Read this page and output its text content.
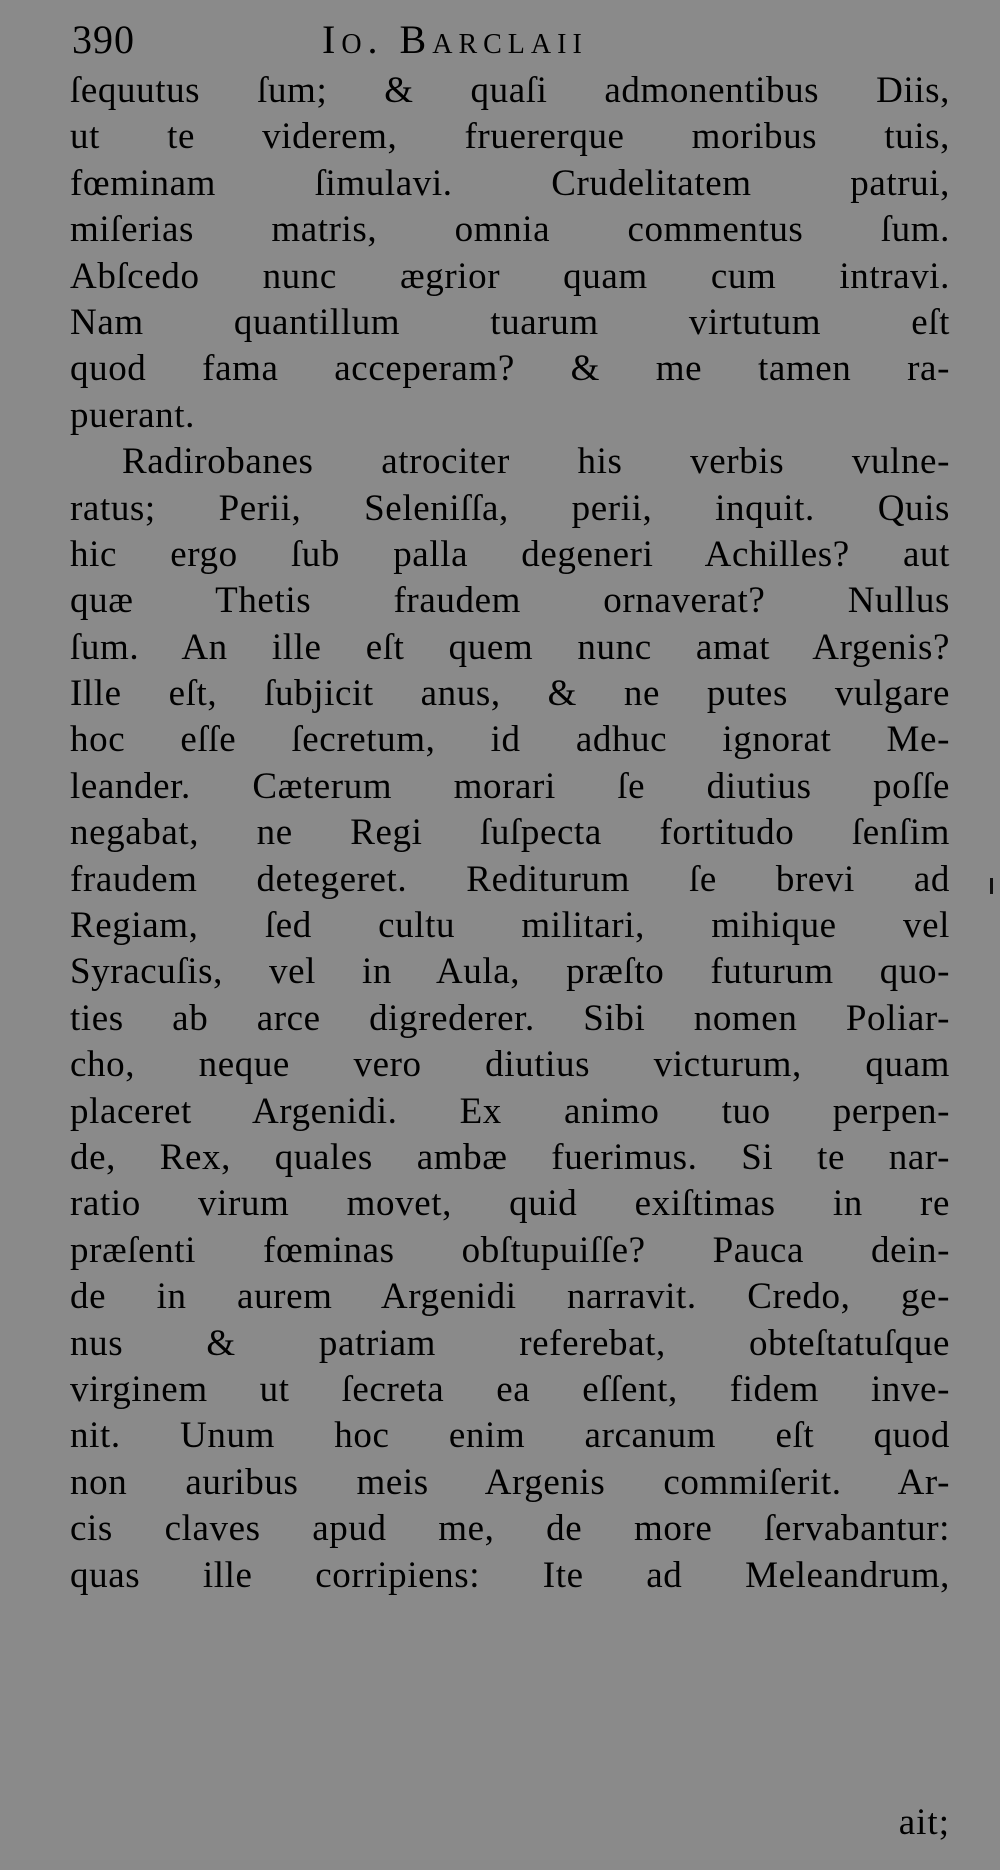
390	Io. Barclaii
ſequutus ſum; & quaſi admonentibus Diis,
ut te viderem, fruererque moribus tuis,
fœminam ſimulavi. Crudelitatem patrui,
miſerias matris, omnia commentus ſum.
Abſcedo nunc ægrior quam cum intravi.
Nam quantillum tuarum virtutum eſt
quod fama acceperam? & me tamen ra-
puerant.
Radirobanes atrociter his verbis vulne-
ratus; Perii, Seleniſſa, perii, inquit. Quis
hic ergo ſub palla degeneri Achilles? aut
quæ Thetis fraudem ornaverat? Nullus
ſum. An ille eſt quem nunc amat Argenis?
Ille eſt, ſubjicit anus, & ne putes vulgare
hoc eſſe ſecretum, id adhuc ignorat Me-
leander. Cæterum morari ſe diutius poſſe
negabat, ne Regi ſuſpecta fortitudo ſenſim
fraudem detegeret. Rediturum ſe brevi ad
Regiam, ſed cultu militari, mihique vel
Syracuſis, vel in Aula, præſto futurum quo-
ties ab arce digrederer. Sibi nomen Poliar-
cho, neque vero diutius victurum, quam
placeret Argenidi. Ex animo tuo perpen-
de, Rex, quales ambæ fuerimus. Si te nar-
ratio virum movet, quid exiſtimas in re
præſenti fœminas obſtupuiſſe? Pauca dein-
de in aurem Argenidi narravit. Credo, ge-
nus & patriam referebat, obteſtatuſque
virginem ut ſecreta ea eſſent, fidem inve-
nit. Unum hoc enim arcanum eſt quod
non auribus meis Argenis commiſerit. Ar-
cis claves apud me, de more ſervabantur:
quas ille corripiens: Ite ad Meleandrum,
ait;
